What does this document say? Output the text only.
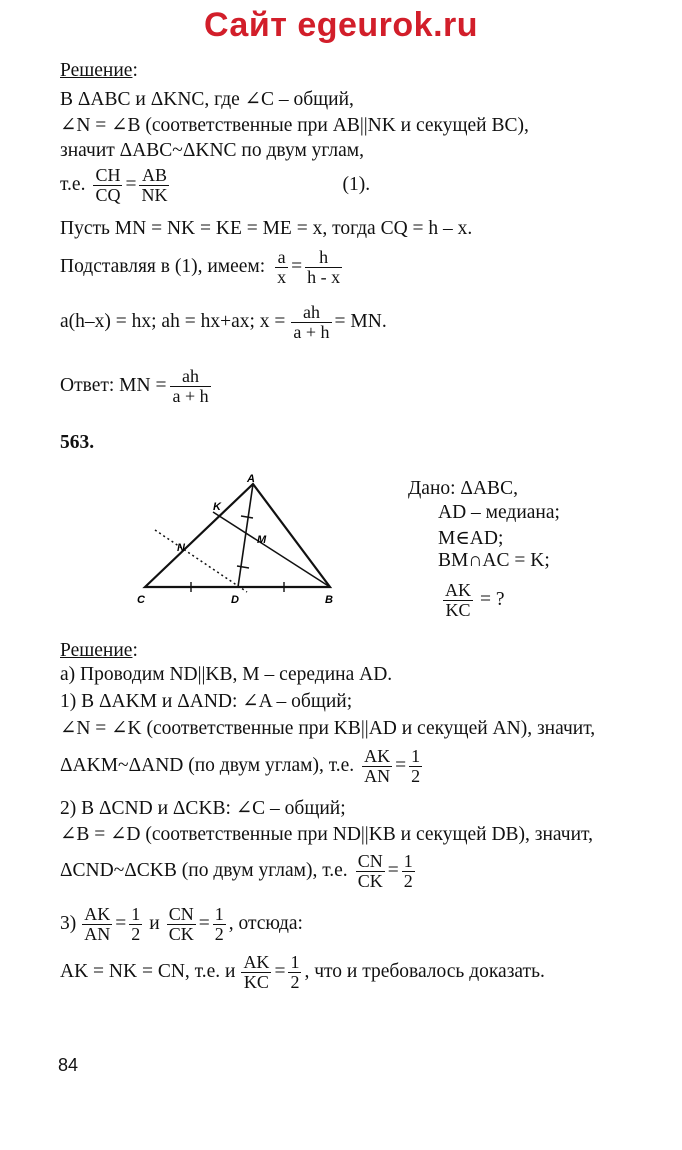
Сайт egeurok.ru
Решение:
В ΔABC и ΔKNC, где ∠C – общий,
∠N = ∠B (соответственные при AB||NK и секущей BC),
значит ΔABC~ΔKNC по двум углам,
т.е. $\frac{CH}{CQ} = \frac{AB}{NK}$	(1).
Пусть MN = NK = KE = ME = x, тогда CQ = h – x.
Подставляя в (1), имеем: $\frac{a}{x} = \frac{h}{h - x}$
a(h–x) = hx; ah = hx+ax; $x = \frac{ah}{a + h}$ = MN.
Ответ: MN = $\frac{ah}{a + h}$
563.
A
K
M
N
C	D	B
Дано: ΔABC,
AD – медиана;
M∈AD;
BM∩AC = K;
$\frac{AK}{KC}$ = ?
Решение:
а) Проводим ND||KB, M – середина AD.
1) В ΔAKM и ΔAND: ∠A – общий;
∠N = ∠K (соответственные при KB||AD и секущей AN), значит,
ΔAKM~ΔAND (по двум углам), т.е. $\frac{AK}{AN} = \frac{1}{2}$
2) В ΔCND и ΔCKB: ∠C – общий;
∠B = ∠D (соответственные при ND||KB и секущей DB), значит,
ΔCND~ΔCKB (по двум углам), т.е. $\frac{CN}{CK} = \frac{1}{2}$
$3) \frac{AK}{AN} = \frac{1}{2}$ и $\frac{CN}{CK} = \frac{1}{2}$ , отсюда:
AK = NK = CN, т.е. и $\frac{AK}{KC} = \frac{1}{2}$ , что и требовалось доказать.
84
